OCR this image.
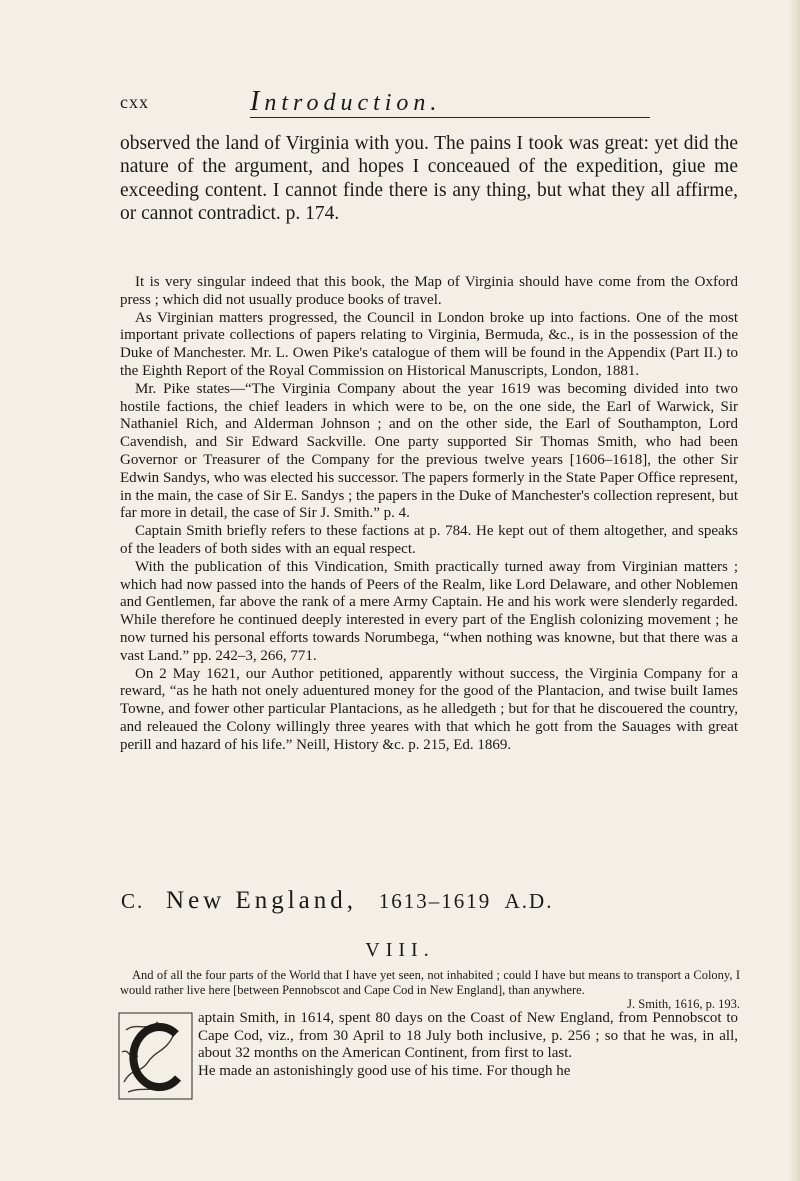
cxx	Introduction.

observed the land of Virginia with you. The pains I took was great: yet did the nature of the argument, and hopes I conceaued of the expedition, giue me exceeding content. I cannot finde there is any thing, but what they all affirme, or cannot contradict. p. 174.

It is very singular indeed that this book, the Map of Virginia should have come from the Oxford press ; which did not usually produce books of travel.

As Virginian matters progressed, the Council in London broke up into factions. One of the most important private collections of papers relating to Virginia, Bermuda, &c., is in the possession of the Duke of Manchester. Mr. L. Owen Pike's catalogue of them will be found in the Appendix (Part II.) to the Eighth Report of the Royal Commission on Historical Manuscripts, London, 1881.

Mr. Pike states—“The Virginia Company about the year 1619 was becoming divided into two hostile factions, the chief leaders in which were to be, on the one side, the Earl of Warwick, Sir Nathaniel Rich, and Alderman Johnson ; and on the other side, the Earl of Southampton, Lord Cavendish, and Sir Edward Sackville. One party supported Sir Thomas Smith, who had been Governor or Treasurer of the Company for the previous twelve years [1606–1618], the other Sir Edwin Sandys, who was elected his successor. The papers formerly in the State Paper Office represent, in the main, the case of Sir E. Sandys ; the papers in the Duke of Manchester's collection represent, but far more in detail, the case of Sir J. Smith.” p. 4.

Captain Smith briefly refers to these factions at p. 784. He kept out of them altogether, and speaks of the leaders of both sides with an equal respect.

With the publication of this Vindication, Smith practically turned away from Virginian matters ; which had now passed into the hands of Peers of the Realm, like Lord Delaware, and other Noblemen and Gentlemen, far above the rank of a mere Army Captain. He and his work were slenderly regarded. While therefore he continued deeply interested in every part of the English colonizing movement ; he now turned his personal efforts towards Norumbega, “when nothing was knowne, but that there was a vast Land.” pp. 242–3, 266, 771.

On 2 May 1621, our Author petitioned, apparently without success, the Virginia Company for a reward, “as he hath not onely aduentured money for the good of the Plantacion, and twise built Iames Towne, and fower other particular Plantacions, as he alledgeth ; but for that he discouered the country, and releaued the Colony willingly three yeares with that which he gott from the Sauages with great perill and hazard of his life.” Neill, History &c. p. 215, Ed. 1869.

C. New England, 1613–1619 A.D.
VIII.

And of all the four parts of the World that I have yet seen, not inhabited ; could I have but means to transport a Colony, I would rather live here [between Pennobscot and Cape Cod in New England], than anywhere.

J. Smith, 1616, p. 193.

aptain Smith, in 1614, spent 80 days on the Coast of New England, from Pennobscot to Cape Cod, viz., from 30 April to 18 July both inclusive, p. 256 ; so that he was, in all, about 32 months on the American Continent, from first to last.

He made an astonishingly good use of his time. For though he
